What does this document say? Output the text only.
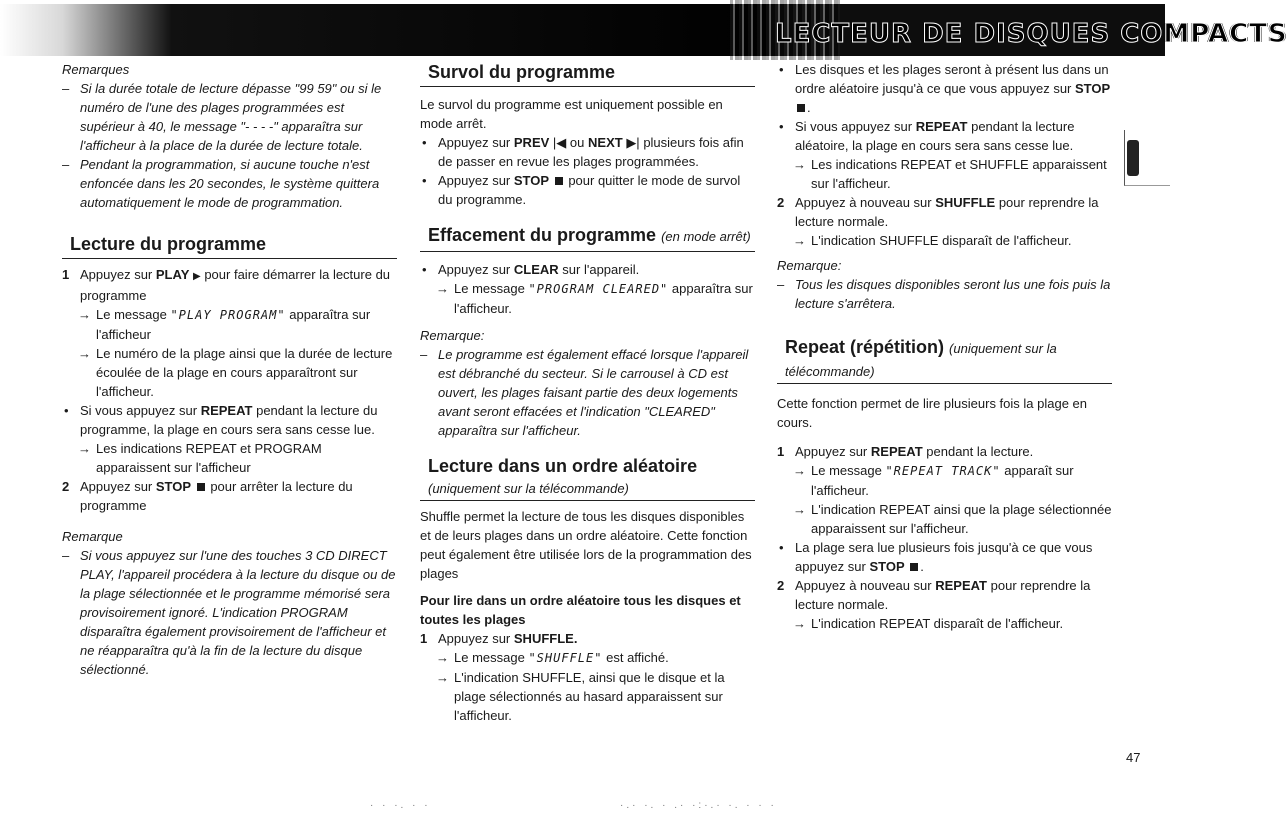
LECTEUR DE DISQUES COMPACTS

Remarques

– Si la durée totale de lecture dépasse "99 59" ou si le numéro de l'une des plages programmées est supérieur à 40, le message "- - - -" apparaîtra sur l'afficheur à la place de la durée de lecture totale.
– Pendant la programmation, si aucune touche n'est enfoncée dans les 20 secondes, le système quittera automatiquement le mode de programmation.
Lecture du programme
1 Appuyez sur PLAY ▶ pour faire démarrer la lecture du programme
→ Le message "PLAY PROGRAM" apparaîtra sur l'afficheur
→ Le numéro de la plage ainsi que la durée de lecture écoulée de la plage en cours apparaîtront sur l'afficheur.
• Si vous appuyez sur REPEAT pendant la lecture du programme, la plage en cours sera sans cesse lue.
→ Les indications REPEAT et PROGRAM apparaissent sur l'afficheur
2 Appuyez sur STOP pour arrêter la lecture du programme

Remarque

– Si vous appuyez sur l'une des touches 3 CD DIRECT PLAY, l'appareil procédera à la lecture du disque ou de la plage sélectionnée et le programme mémorisé sera provisoirement ignoré. L'indication PROGRAM disparaîtra également provisoirement de l'afficheur et ne réapparaîtra qu'à la fin de la lecture du disque sélectionné.
Survol du programme

Le survol du programme est uniquement possible en mode arrêt.

• Appuyez sur PREV |◀ ou NEXT ▶| plusieurs fois afin de passer en revue les plages programmées.
• Appuyez sur STOP pour quitter le mode de survol du programme.
Effacement du programme (en mode arrêt)
• Appuyez sur CLEAR sur l'appareil.
→ Le message "PROGRAM CLEARED" apparaîtra sur l'afficheur.

Remarque:

– Le programme est également effacé lorsque l'appareil est débranché du secteur. Si le carrousel à CD est ouvert, les plages faisant partie des deux logements avant seront effacées et l'indication "CLEARED" apparaîtra sur l'afficheur.
Lecture dans un ordre aléatoire
(uniquement sur la télécommande)

Shuffle permet la lecture de tous les disques disponibles et de leurs plages dans un ordre aléatoire. Cette fonction peut également être utilisée lors de la programmation des plages

Pour lire dans un ordre aléatoire tous les disques et toutes les plages

1 Appuyez sur SHUFFLE.
→ Le message "SHUFFLE" est affiché.
→ L'indication SHUFFLE, ainsi que le disque et la plage sélectionnés au hasard apparaissent sur l'afficheur.
• Les disques et les plages seront à présent lus dans un ordre aléatoire jusqu'à ce que vous appuyez sur STOP .
• Si vous appuyez sur REPEAT pendant la lecture aléatoire, la plage en cours sera sans cesse lue.
→ Les indications REPEAT et SHUFFLE apparaissent sur l'afficheur.
2 Appuyez à nouveau sur SHUFFLE pour reprendre la lecture normale.
→ L'indication SHUFFLE disparaît de l'afficheur.

Remarque:

– Tous les disques disponibles seront lus une fois puis la lecture s'arrêtera.
Repeat (répétition) (uniquement sur la
télécommande)

Cette fonction permet de lire plusieurs fois la plage en cours.

1 Appuyez sur REPEAT pendant la lecture.
→ Le message "REPEAT TRACK" apparaît sur l'afficheur.
→ L'indication REPEAT ainsi que la plage sélectionnée apparaissent sur l'afficheur.
• La plage sera lue plusieurs fois jusqu'à ce que vous appuyez sur STOP .
2 Appuyez à nouveau sur REPEAT pour reprendre la lecture normale.
→ L'indication REPEAT disparaît de l'afficheur.
47
· · ·. · ·	·.· ·. · .· ·:·.· ·. · · ·
